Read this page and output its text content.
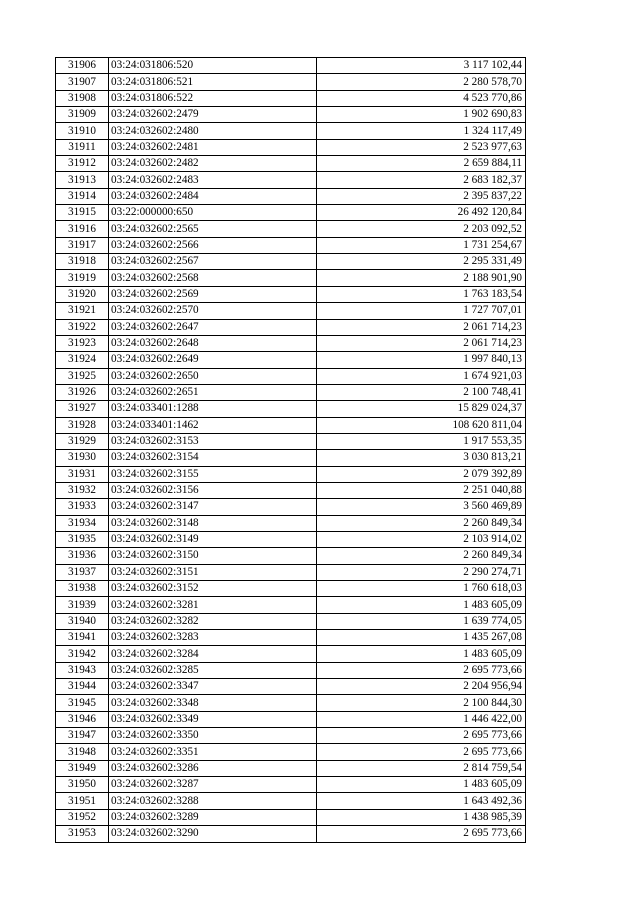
31906	03:24:031806:520	3 117 102,44
31907	03:24:031806:521	2 280 578,70
31908	03:24:031806:522	4 523 770,86
31909	03:24:032602:2479	1 902 690,83
31910	03:24:032602:2480	1 324 117,49
31911	03:24:032602:2481	2 523 977,63
31912	03:24:032602:2482	2 659 884,11
31913	03:24:032602:2483	2 683 182,37
31914	03:24:032602:2484	2 395 837,22
31915	03:22:000000:650	26 492 120,84
31916	03:24:032602:2565	2 203 092,52
31917	03:24:032602:2566	1 731 254,67
31918	03:24:032602:2567	2 295 331,49
31919	03:24:032602:2568	2 188 901,90
31920	03:24:032602:2569	1 763 183,54
31921	03:24:032602:2570	1 727 707,01
31922	03:24:032602:2647	2 061 714,23
31923	03:24:032602:2648	2 061 714,23
31924	03:24:032602:2649	1 997 840,13
31925	03:24:032602:2650	1 674 921,03
31926	03:24:032602:2651	2 100 748,41
31927	03:24:033401:1288	15 829 024,37
31928	03:24:033401:1462	108 620 811,04
31929	03:24:032602:3153	1 917 553,35
31930	03:24:032602:3154	3 030 813,21
31931	03:24:032602:3155	2 079 392,89
31932	03:24:032602:3156	2 251 040,88
31933	03:24:032602:3147	3 560 469,89
31934	03:24:032602:3148	2 260 849,34
31935	03:24:032602:3149	2 103 914,02
31936	03:24:032602:3150	2 260 849,34
31937	03:24:032602:3151	2 290 274,71
31938	03:24:032602:3152	1 760 618,03
31939	03:24:032602:3281	1 483 605,09
31940	03:24:032602:3282	1 639 774,05
31941	03:24:032602:3283	1 435 267,08
31942	03:24:032602:3284	1 483 605,09
31943	03:24:032602:3285	2 695 773,66
31944	03:24:032602:3347	2 204 956,94
31945	03:24:032602:3348	2 100 844,30
31946	03:24:032602:3349	1 446 422,00
31947	03:24:032602:3350	2 695 773,66
31948	03:24:032602:3351	2 695 773,66
31949	03:24:032602:3286	2 814 759,54
31950	03:24:032602:3287	1 483 605,09
31951	03:24:032602:3288	1 643 492,36
31952	03:24:032602:3289	1 438 985,39
31953	03:24:032602:3290	2 695 773,66
